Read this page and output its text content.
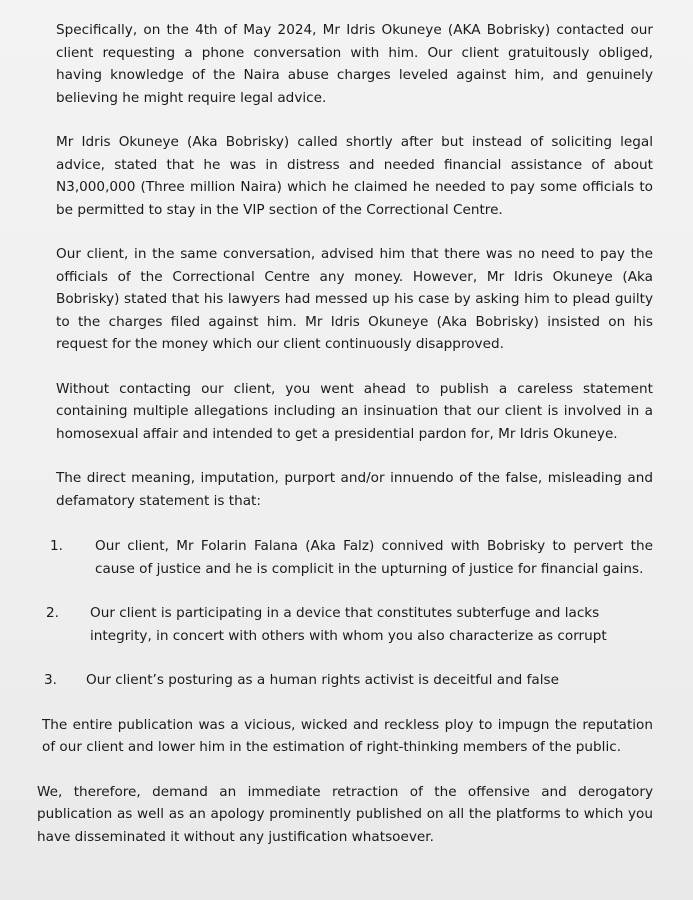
Specifically, on the 4th of May 2024, Mr Idris Okuneye (AKA Bobrisky) contacted our client requesting a phone conversation with him. Our client gratuitously obliged, having knowledge of the Naira abuse charges leveled against him, and genuinely believing he might require legal advice.

Mr Idris Okuneye (Aka Bobrisky) called shortly after but instead of soliciting legal advice, stated that he was in distress and needed financial assistance of about N3,000,000 (Three million Naira) which he claimed he needed to pay some officials to be permitted to stay in the VIP section of the Correctional Centre.

Our client, in the same conversation, advised him that there was no need to pay the officials of the Correctional Centre any money. However, Mr Idris Okuneye (Aka Bobrisky) stated that his lawyers had messed up his case by asking him to plead guilty to the charges filed against him. Mr Idris Okuneye (Aka Bobrisky) insisted on his request for the money which our client continuously disapproved.

Without contacting our client, you went ahead to publish a careless statement containing multiple allegations including an insinuation that our client is involved in a homosexual affair and intended to get a presidential pardon for, Mr Idris Okuneye.

The direct meaning, imputation, purport and/or innuendo of the false, misleading and defamatory statement is that:

1.	Our client, Mr Folarin Falana (Aka Falz) connived with Bobrisky to pervert the cause of justice and he is complicit in the upturning of justice for financial gains.
2.	Our client is participating in a device that constitutes subterfuge and lacks integrity, in concert with others with whom you also characterize as corrupt
3.	Our client’s posturing as a human rights activist is deceitful and false

The entire publication was a vicious, wicked and reckless ploy to impugn the reputation of our client and lower him in the estimation of right-thinking members of the public.

We, therefore, demand an immediate retraction of the offensive and derogatory publication as well as an apology prominently published on all the platforms to which you have disseminated it without any justification whatsoever.
